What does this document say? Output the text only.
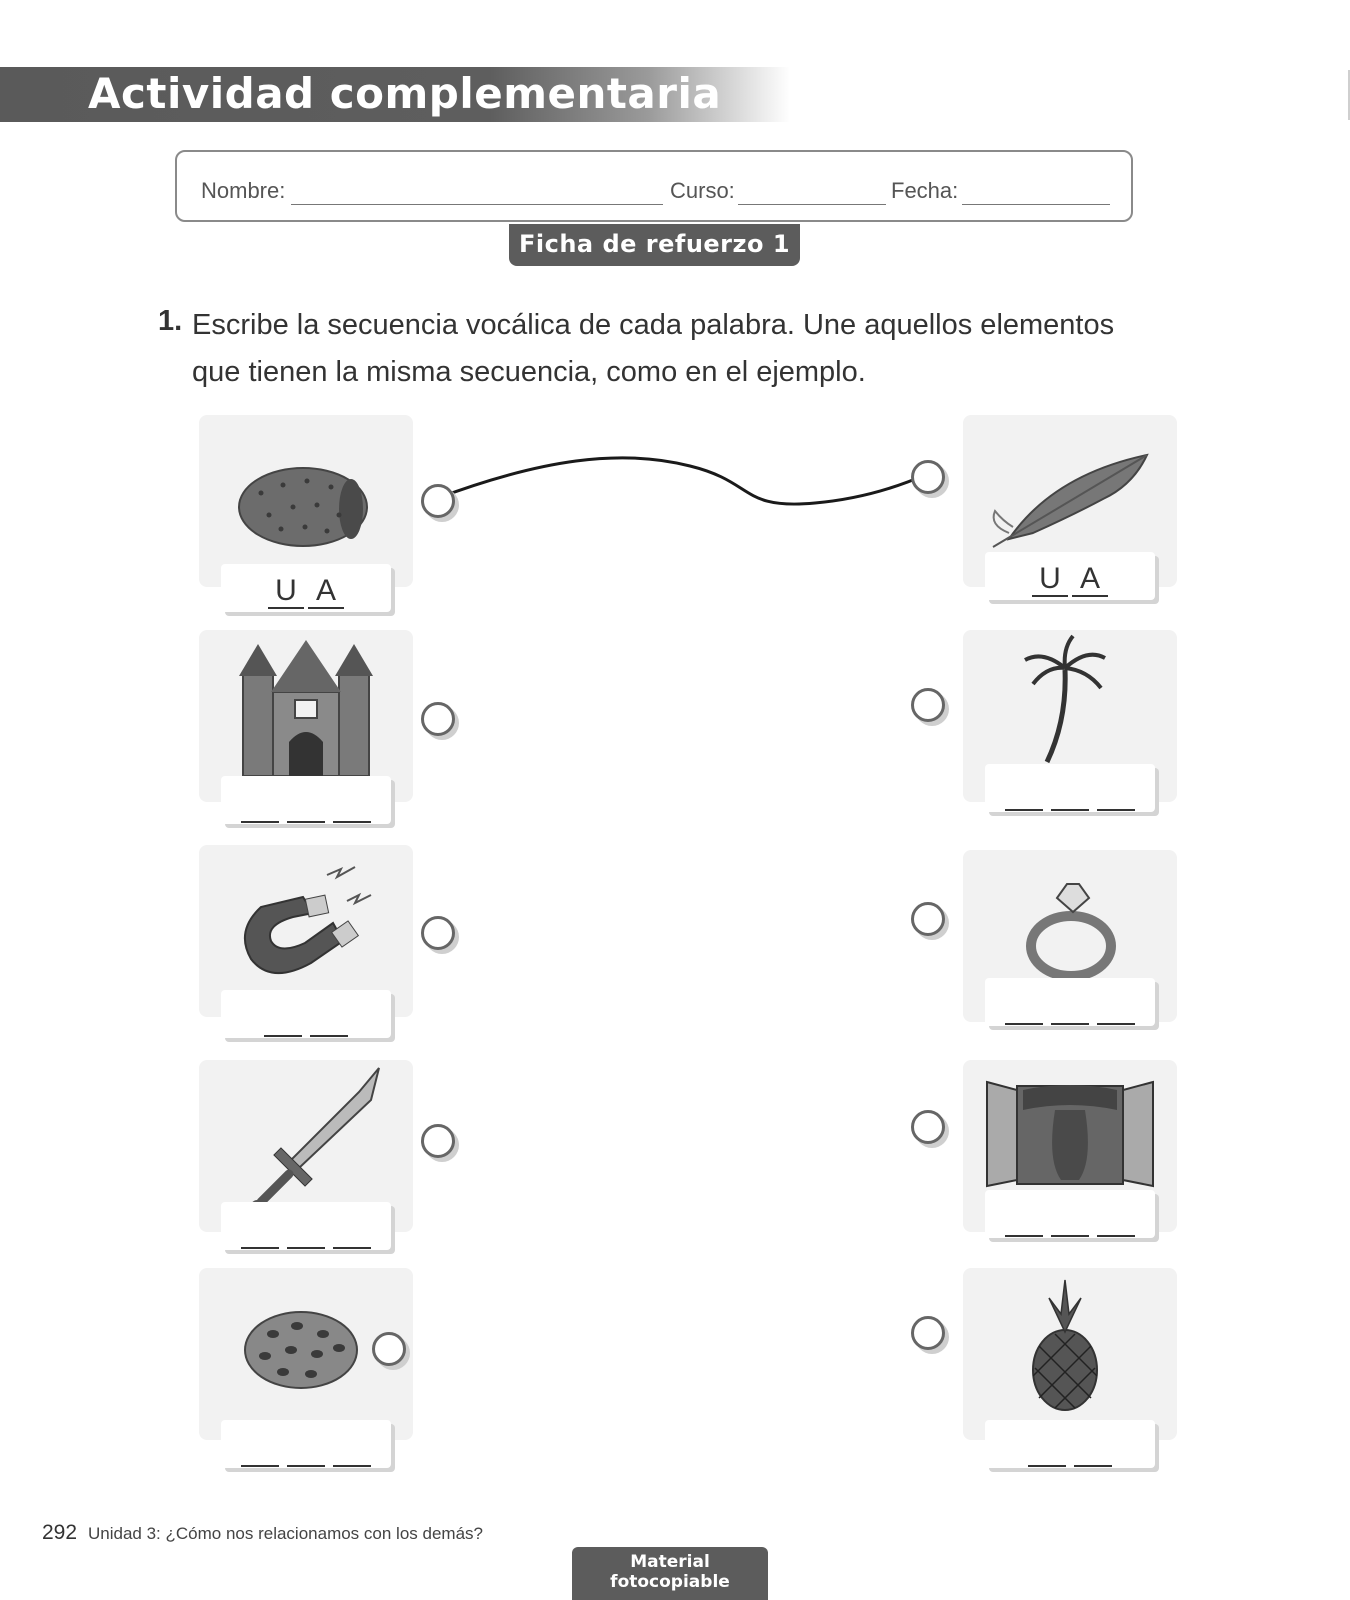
Actividad complementaria
Nombre:	Curso:	Fecha:
Ficha de refuerzo 1
1. Escribe la secuencia vocálica de cada palabra. Une aquellos elementos que tienen la misma secuencia, como en el ejemplo.
U A	U A
292 Unidad 3: ¿Cómo nos relacionamos con los demás?
Material fotocopiable
